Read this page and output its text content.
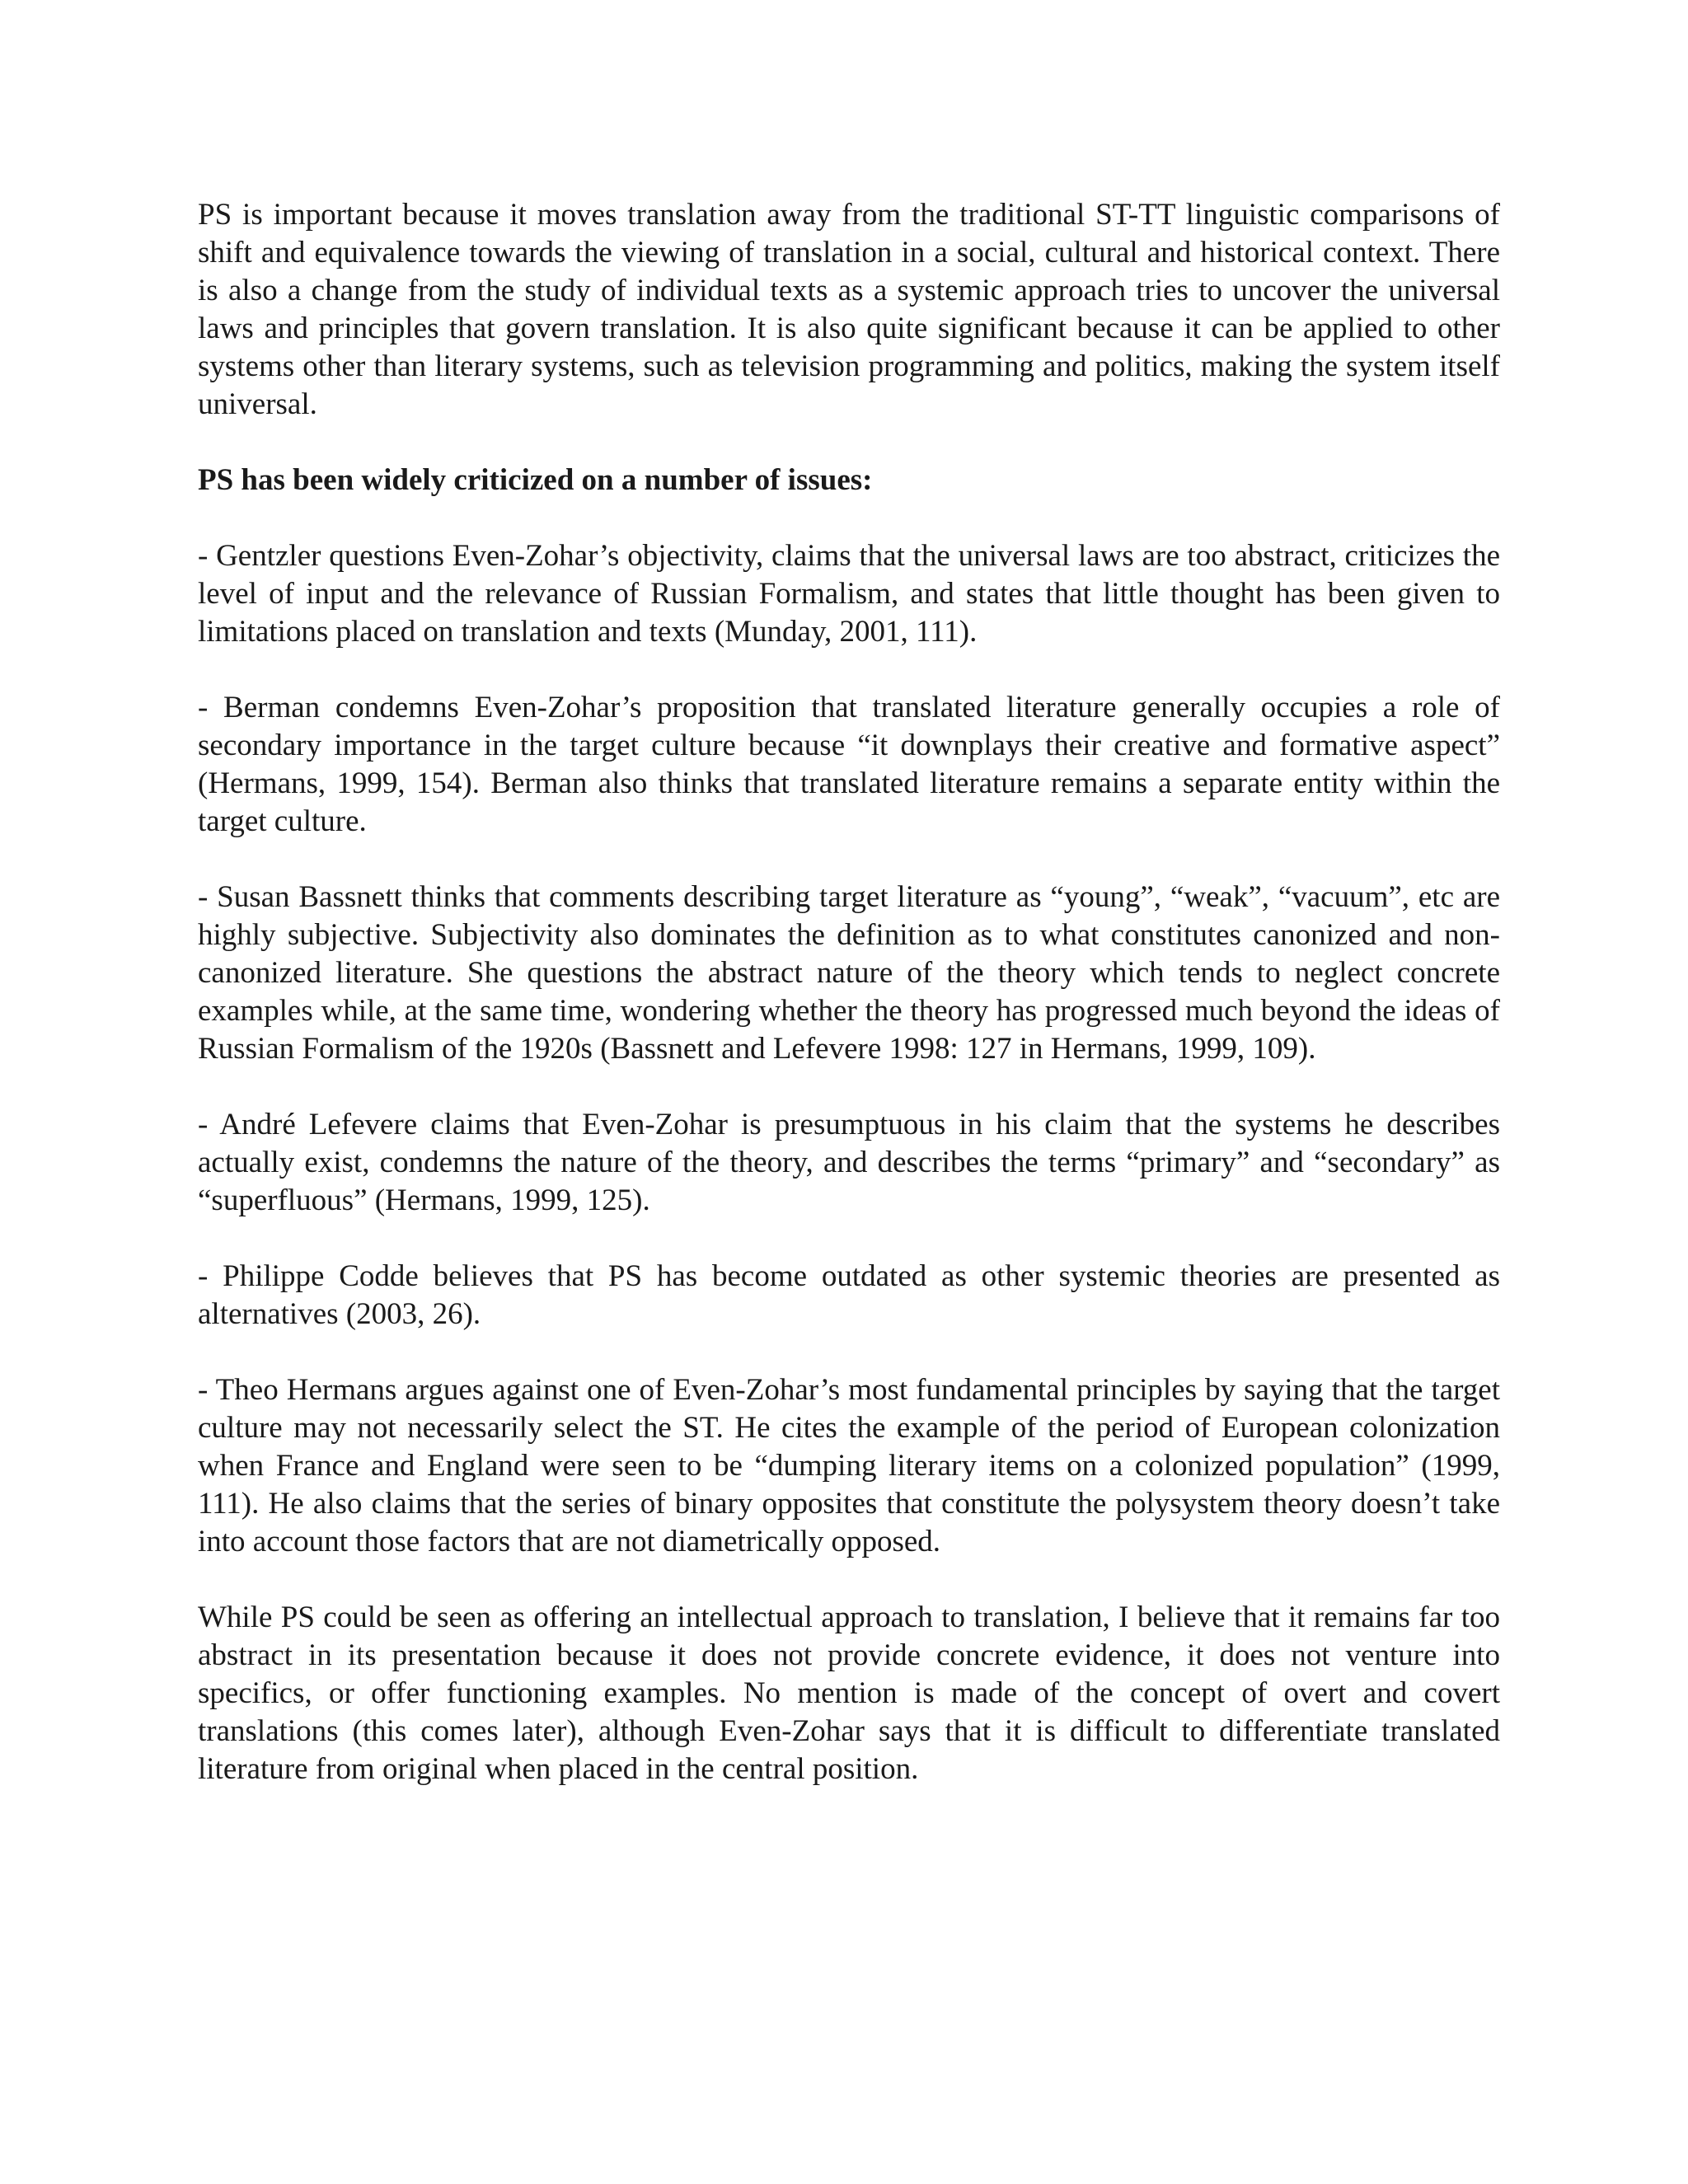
PS is important because it moves translation away from the traditional ST-TT linguistic comparisons of shift and equivalence towards the viewing of translation in a social, cultural and historical context. There is also a change from the study of individual texts as a systemic approach tries to uncover the universal laws and principles that govern translation. It is also quite significant because it can be applied to other systems other than literary systems, such as television programming and politics, making the system itself universal.

PS has been widely criticized on a number of issues:

- Gentzler questions Even-Zohar’s objectivity, claims that the universal laws are too abstract, criticizes the level of input and the relevance of Russian Formalism, and states that little thought has been given to limitations placed on translation and texts (Munday, 2001, 111).

- Berman condemns Even-Zohar’s proposition that translated literature generally occupies a role of secondary importance in the target culture because “it downplays their creative and formative aspect” (Hermans, 1999, 154). Berman also thinks that translated literature remains a separate entity within the target culture.

- Susan Bassnett thinks that comments describing target literature as “young”, “weak”, “vacuum”, etc are highly subjective. Subjectivity also dominates the definition as to what constitutes canonized and non-canonized literature. She questions the abstract nature of the theory which tends to neglect concrete examples while, at the same time, wondering whether the theory has progressed much beyond the ideas of Russian Formalism of the 1920s (Bassnett and Lefevere 1998: 127 in Hermans, 1999, 109).

- André Lefevere claims that Even-Zohar is presumptuous in his claim that the systems he describes actually exist, condemns the nature of the theory, and describes the terms “primary” and “secondary” as “superfluous” (Hermans, 1999, 125).

- Philippe Codde believes that PS has become outdated as other systemic theories are presented as alternatives (2003, 26).

- Theo Hermans argues against one of Even-Zohar’s most fundamental principles by saying that the target culture may not necessarily select the ST. He cites the example of the period of European colonization when France and England were seen to be “dumping literary items on a colonized population” (1999, 111). He also claims that the series of binary opposites that constitute the polysystem theory doesn’t take into account those factors that are not diametrically opposed.

While PS could be seen as offering an intellectual approach to translation, I believe that it remains far too abstract in its presentation because it does not provide concrete evidence, it does not venture into specifics, or offer functioning examples. No mention is made of the concept of overt and covert translations (this comes later), although Even-Zohar says that it is difficult to differentiate translated literature from original when placed in the central position.
